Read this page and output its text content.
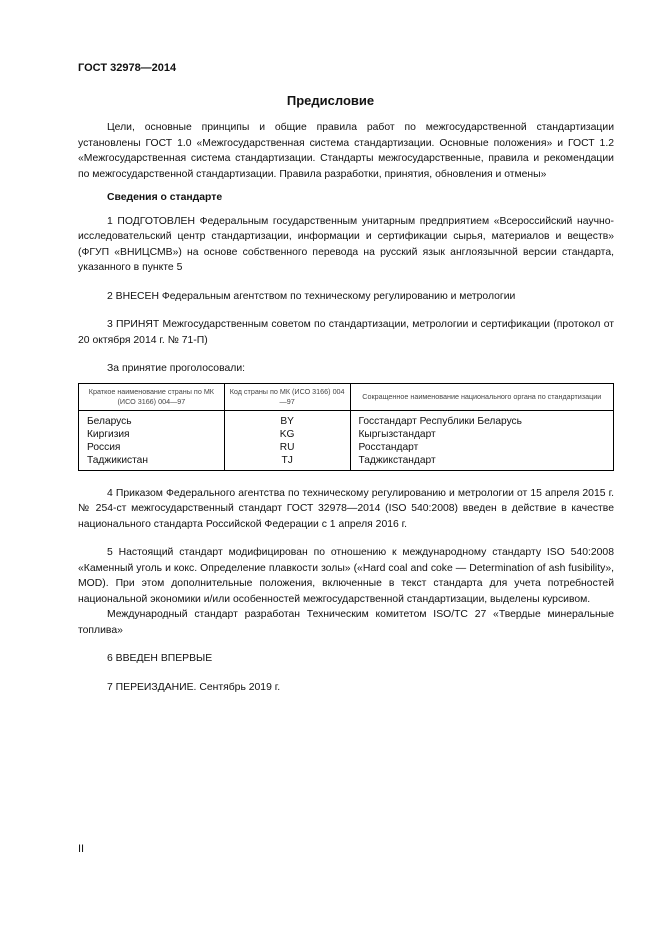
ГОСТ 32978—2014
Предисловие

Цели, основные принципы и общие правила работ по межгосударственной стандартизации установлены ГОСТ 1.0 «Межгосударственная система стандартизации. Основные положения» и ГОСТ 1.2 «Межгосударственная система стандартизации. Стандарты межгосударственные, правила и рекомендации по межгосударственной стандартизации. Правила разработки, принятия, обновления и отмены»

Сведения о стандарте

1 ПОДГОТОВЛЕН Федеральным государственным унитарным предприятием «Всероссийский научно-исследовательский центр стандартизации, информации и сертификации сырья, материалов и веществ» (ФГУП «ВНИЦСМВ») на основе собственного перевода на русский язык англоязычной версии стандарта, указанного в пункте 5

2 ВНЕСЕН Федеральным агентством по техническому регулированию и метрологии

3 ПРИНЯТ Межгосударственным советом по стандартизации, метрологии и сертификации (протокол от 20 октября 2014 г. № 71-П)

За принятие проголосовали:

Краткое наименование страны по МК (ИСО 3166) 004—97	Код страны по МК (ИСО 3166) 004—97	Сокращенное наименование национального органа по стандартизации
Беларусь	BY	Госстандарт Республики Беларусь
Киргизия	KG	Кыргызстандарт
Россия	RU	Росстандарт
Таджикистан	TJ	Таджикстандарт

4 Приказом Федерального агентства по техническому регулированию и метрологии от 15 апреля 2015 г. № 254-ст межгосударственный стандарт ГОСТ 32978—2014 (ISO 540:2008) введен в действие в качестве национального стандарта Российской Федерации с 1 апреля 2016 г.

5 Настоящий стандарт модифицирован по отношению к международному стандарту ISO 540:2008 «Каменный уголь и кокс. Определение плавкости золы» («Hard coal and coke — Determination of ash fusibility», MOD). При этом дополнительные положения, включенные в текст стандарта для учета потребностей национальной экономики и/или особенностей межгосударственной стандартизации, выделены курсивом.

Международный стандарт разработан Техническим комитетом ISO/TC 27 «Твердые минеральные топлива»

6 ВВЕДЕН ВПЕРВЫЕ

7 ПЕРЕИЗДАНИЕ. Сентябрь 2019 г.

II
